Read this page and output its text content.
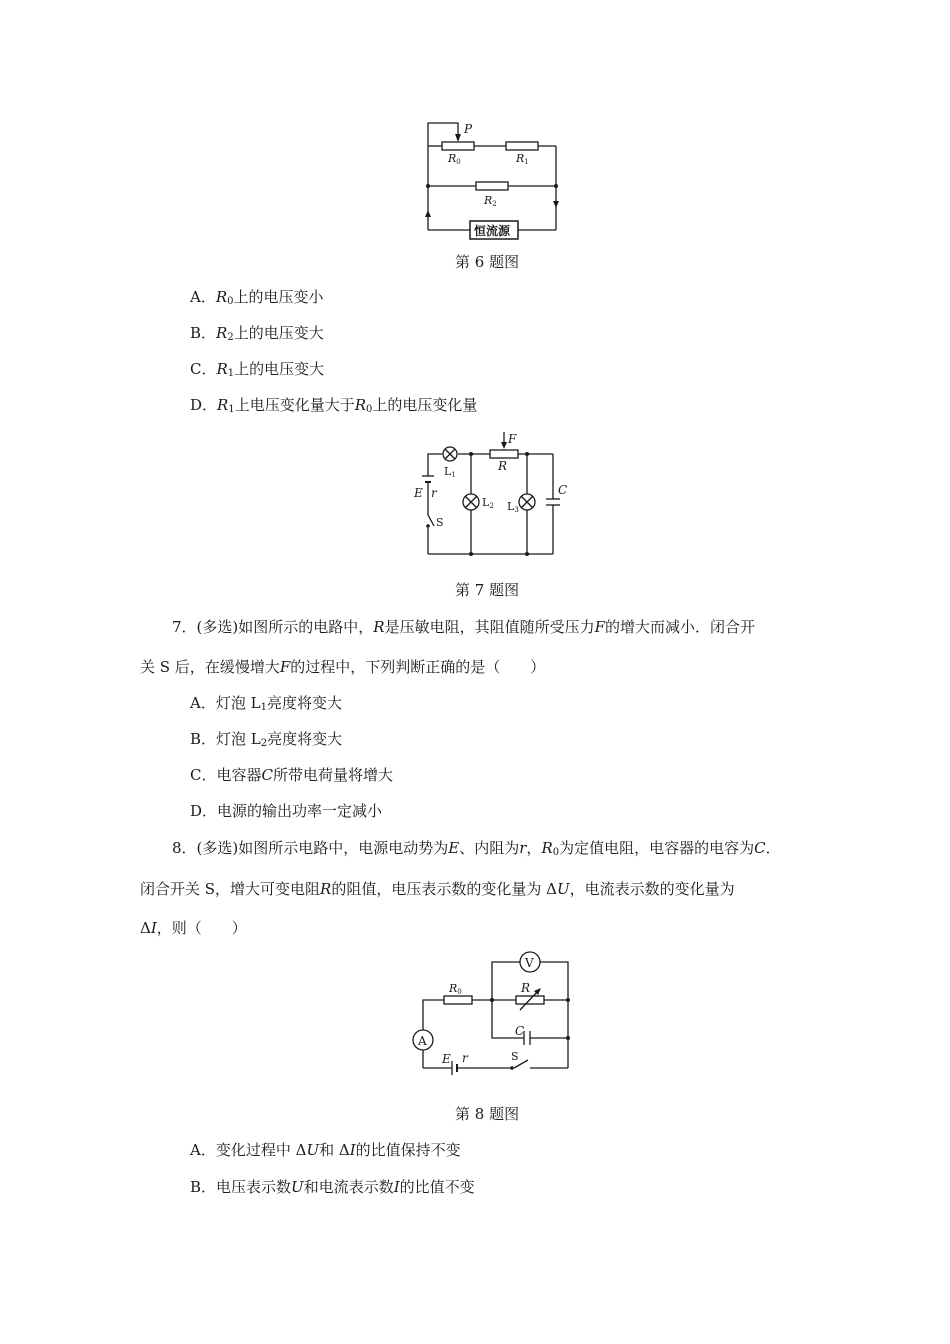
P
R0	R1
R2
恒流源
第 6 题图
A．$R_0$上的电压变小
B．$R_2$上的电压变大
C．$R_1$上的电压变大
D．$R_1$上电压变化量大于$R_0$上的电压变化量
F
R
L1
L2 L3
C
E r
S
第 7 题图
7．(多选)如图所示的电路中，R是压敏电阻，其阻值随所受压力F的增大而减小．闭合开
关 S 后，在缓慢增大F的过程中，下列判断正确的是（　　）
A．灯泡 $L_1$亮度将变大
B．灯泡 $L_2$亮度将变大
C．电容器C所带电荷量将增大
D．电源的输出功率一定减小
8．(多选)如图所示电路中，电源电动势为E、内阻为r，$R_0$为定值电阻，电容器的电容为C．
闭合开关 S，增大可变电阻R的阻值，电压表示数的变化量为 ΔU，电流表示数的变化量为
ΔI，则（　　）
V
A
R0	R
C
E r	S
第 8 题图
A．变化过程中 ΔU和 ΔI的比值保持不变
B．电压表示数U和电流表示数I的比值不变
